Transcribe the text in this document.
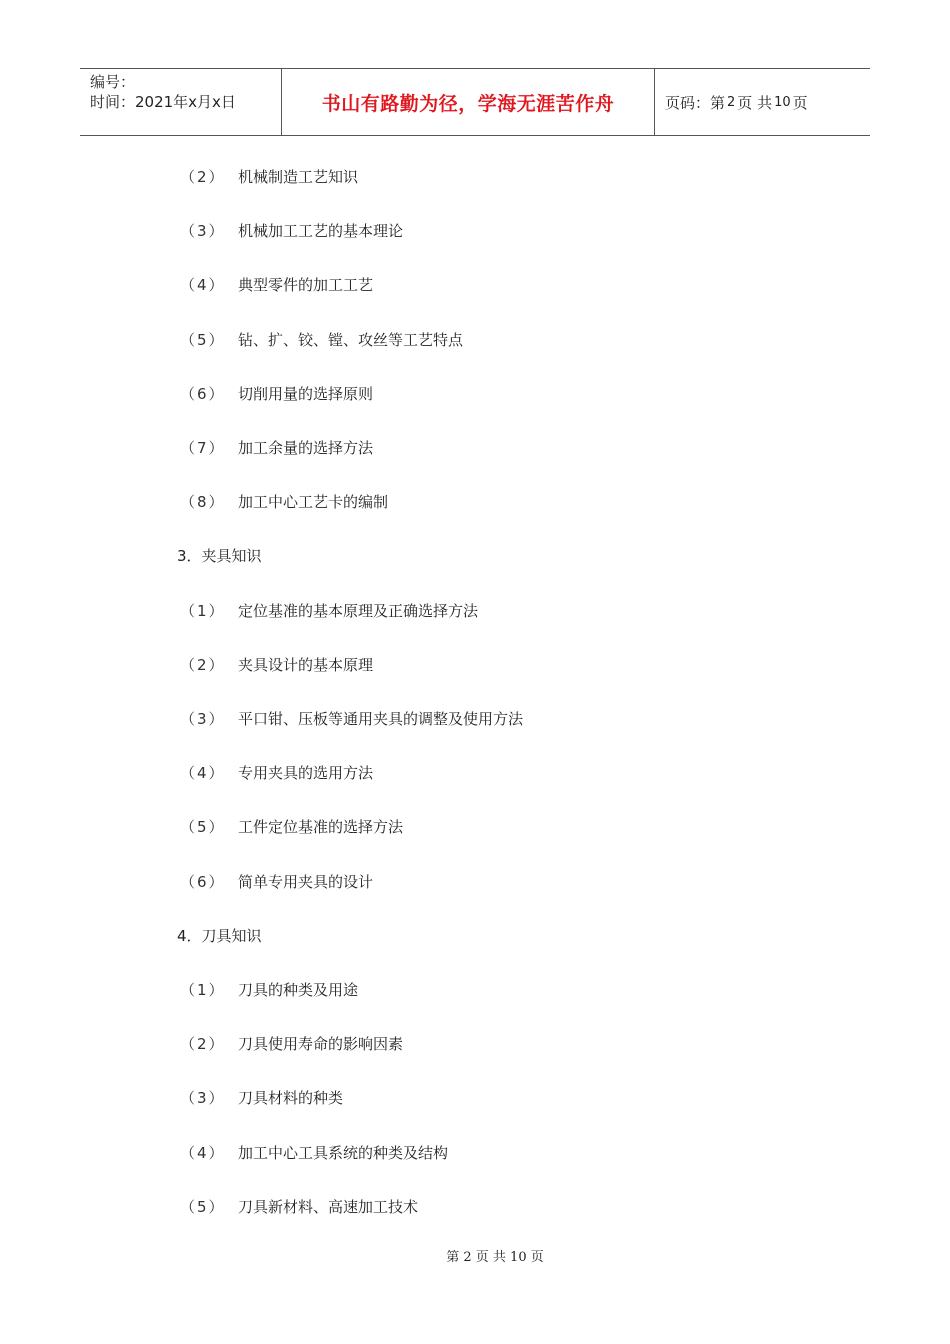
编号：
时间：2021年x月x日	书山有路勤为径，学海无涯苦作舟	页码：第 2 页 共 10 页
（2） 机械制造工艺知识
（3） 机械加工工艺的基本理论
（4） 典型零件的加工工艺
（5） 钻、扩、铰、镗、攻丝等工艺特点
（6） 切削用量的选择原则
（7） 加工余量的选择方法
（8） 加工中心工艺卡的编制
3．夹具知识
（1） 定位基准的基本原理及正确选择方法
（2） 夹具设计的基本原理
（3） 平口钳、压板等通用夹具的调整及使用方法
（4） 专用夹具的选用方法
（5） 工件定位基准的选择方法
（6） 简单专用夹具的设计
4．刀具知识
（1） 刀具的种类及用途
（2） 刀具使用寿命的影响因素
（3） 刀具材料的种类
（4） 加工中心工具系统的种类及结构
（5） 刀具新材料、高速加工技术
第 2 页 共 10 页
